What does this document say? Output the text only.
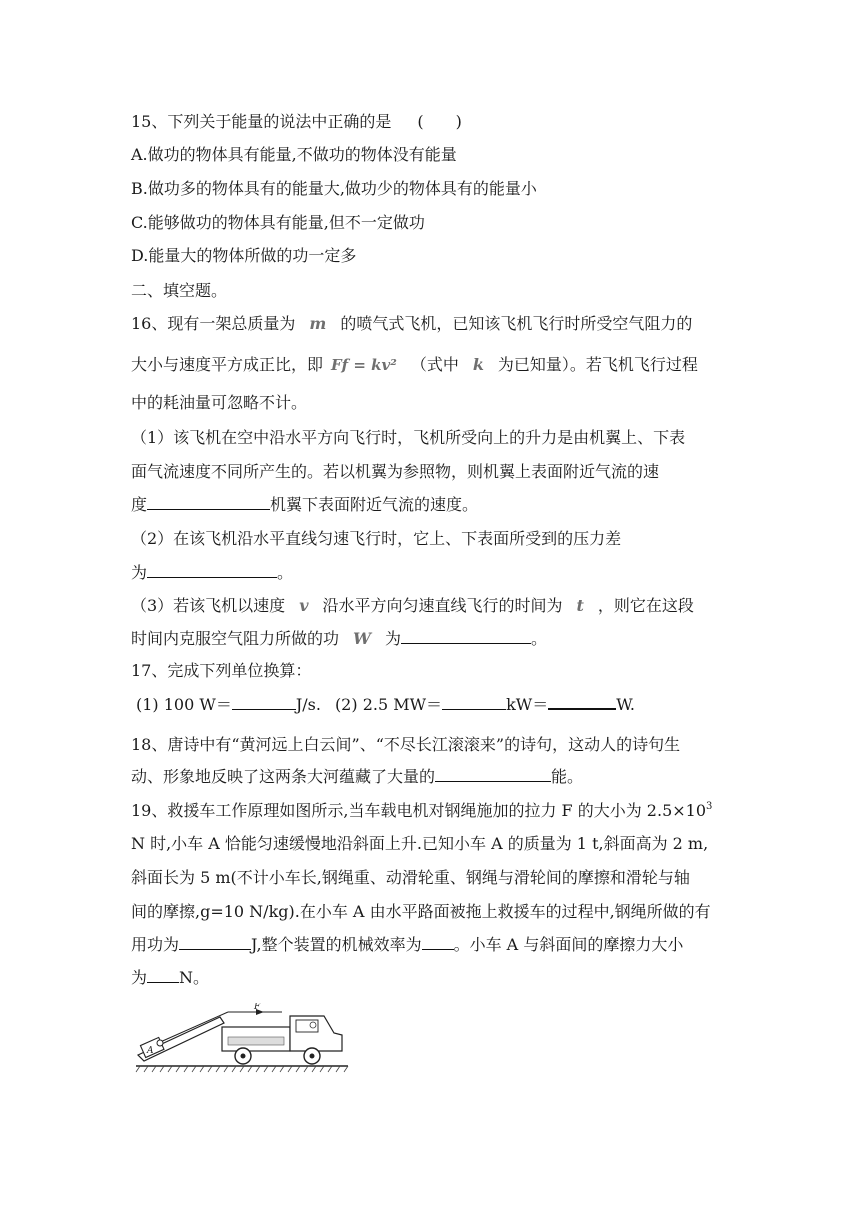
15、下列关于能量的说法中正确的是 (　　)
A.做功的物体具有能量,不做功的物体没有能量
B.做功多的物体具有的能量大,做功少的物体具有的能量小
C.能够做功的物体具有能量,但不一定做功
D.能量大的物体所做的功一定多
二、填空题。
16、现有一架总质量为 m 的喷气式飞机，已知该飞机飞行时所受空气阻力的
大小与速度平方成正比，即 Ff = kv² （式中 k 为已知量）。若飞机飞行过程
中的耗油量可忽略不计。
（1）该飞机在空中沿水平方向飞行时，飞机所受向上的升力是由机翼上、下表
面气流速度不同所产生的。若以机翼为参照物，则机翼上表面附近气流的速
度	机翼下表面附近气流的速度。
（2）在该飞机沿水平直线匀速飞行时，它上、下表面所受到的压力差
为	。
（3）若该飞机以速度 v 沿水平方向匀速直线飞行的时间为 t ，则它在这段
时间内克服空气阻力所做的功 W 为	。
17、完成下列单位换算：
(1) 100 W＝	J/s. (2) 2.5 MW＝	kW＝	W.
18、唐诗中有“黄河远上白云间”、“不尽长江滚滚来”的诗句，这动人的诗句生
动、形象地反映了这两条大河蕴藏了大量的	能。
19、救援车工作原理如图所示,当车载电机对钢绳施加的拉力 F 的大小为 $2.5\times 10^3$
N 时,小车 A 恰能匀速缓慢地沿斜面上升.已知小车 A 的质量为 1 t,斜面高为 2 m,
斜面长为 5 m(不计小车长,钢绳重、动滑轮重、钢绳与滑轮间的摩擦和滑轮与轴
间的摩擦,g=10 N/kg).在小车 A 由水平路面被拖上救援车的过程中,钢绳所做的有
用功为	J,整个装置的机械效率为 。小车 A 与斜面间的摩擦力大小
为 N。
F
A
